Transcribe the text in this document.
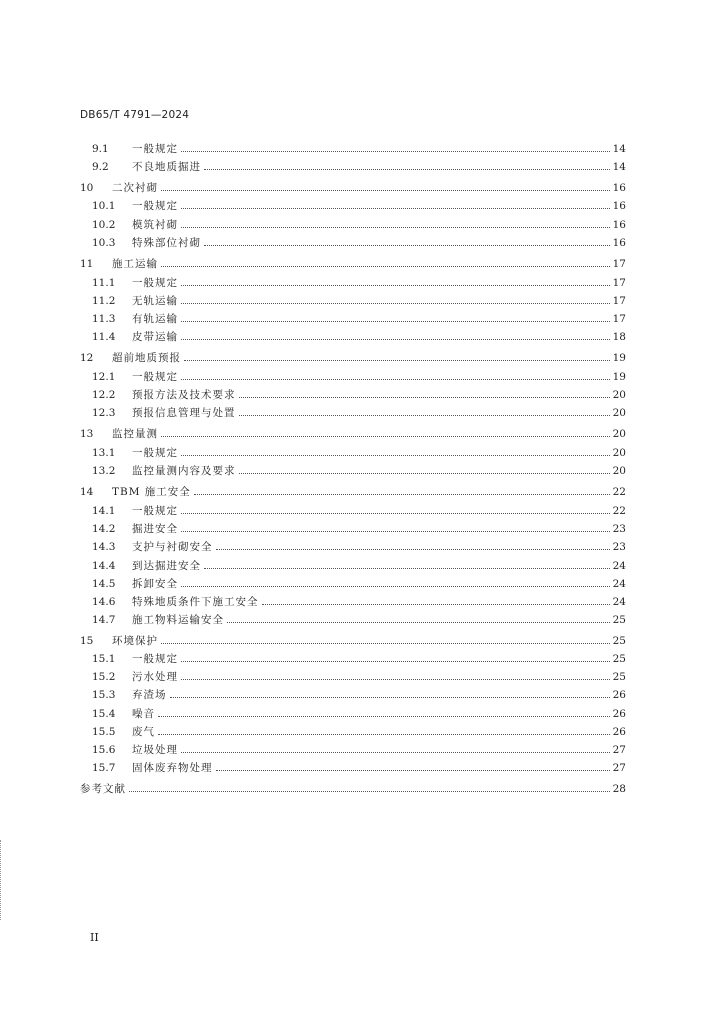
DB65/T 4791—2024
9.1	一般规定	14
9.2	不良地质掘进	14
10	二次衬砌	16
10.1	一般规定	16
10.2	模筑衬砌	16
10.3	特殊部位衬砌	16
11	施工运输	17
11.1	一般规定	17
11.2	无轨运输	17
11.3	有轨运输	17
11.4	皮带运输	18
12	超前地质预报	19
12.1	一般规定	19
12.2	预报方法及技术要求	20
12.3	预报信息管理与处置	20
13	监控量测	20
13.1	一般规定	20
13.2	监控量测内容及要求	20
14	TBM 施工安全	22
14.1	一般规定	22
14.2	掘进安全	23
14.3	支护与衬砌安全	23
14.4	到达掘进安全	24
14.5	拆卸安全	24
14.6	特殊地质条件下施工安全	24
14.7	施工物料运输安全	25
15	环境保护	25
15.1	一般规定	25
15.2	污水处理	25
15.3	弃渣场	26
15.4	噪音	26
15.5	废气	26
15.6	垃圾处理	27
15.7	固体废弃物处理	27
参考文献	28
II
